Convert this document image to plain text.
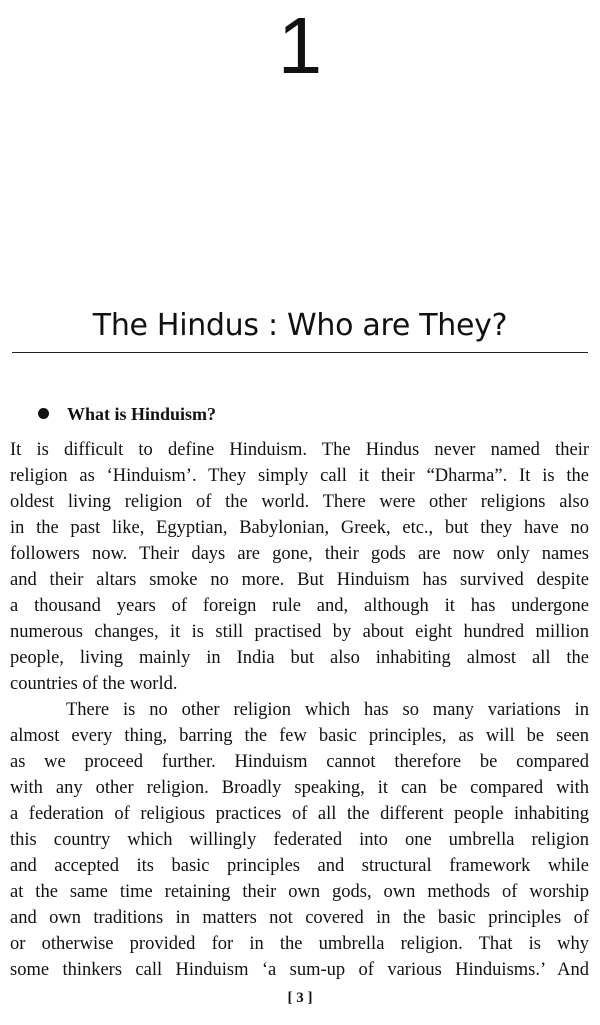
1
The Hindus : Who are They?
What is Hinduism?
It is difficult to define Hinduism. The Hindus never named their
religion as ‘Hinduism’. They simply call it their “Dharma”. It is the
oldest living religion of the world. There were other religions also
in the past like, Egyptian, Babylonian, Greek, etc., but they have no
followers now. Their days are gone, their gods are now only names
and their altars smoke no more. But Hinduism has survived despite
a thousand years of foreign rule and, although it has undergone
numerous changes, it is still practised by about eight hundred million
people, living mainly in India but also inhabiting almost all the
countries of the world.
There is no other religion which has so many variations in
almost every thing, barring the few basic principles, as will be seen
as we proceed further. Hinduism cannot therefore be compared
with any other religion. Broadly speaking, it can be compared with
a federation of religious practices of all the different people inhabiting
this country which willingly federated into one umbrella religion
and accepted its basic principles and structural framework while
at the same time retaining their own gods, own methods of worship
and own traditions in matters not covered in the basic principles of
or otherwise provided for in the umbrella religion. That is why
some thinkers call Hinduism ‘a sum-up of various Hinduisms.’ And
[ 3 ]
